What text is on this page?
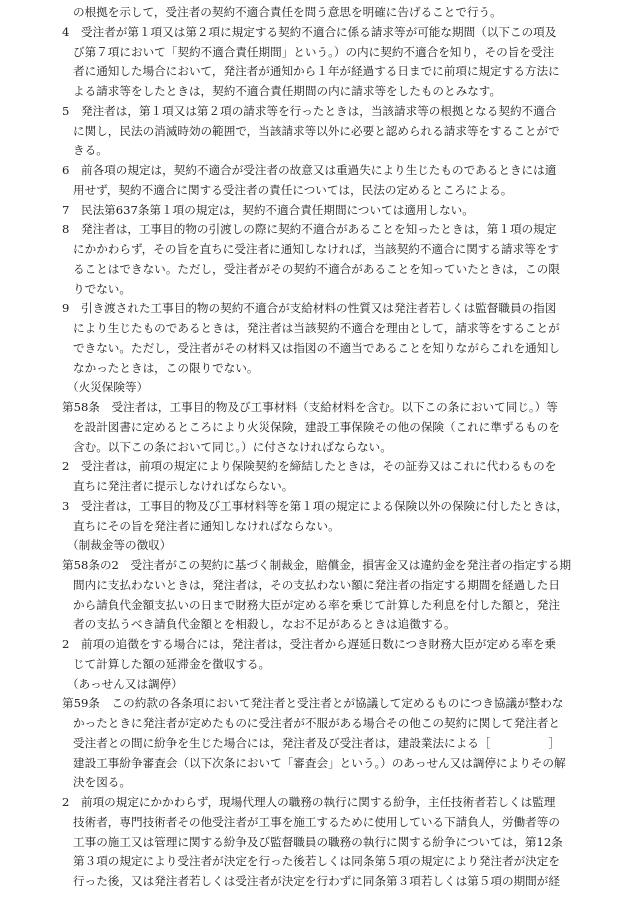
の根拠を示して，受注者の契約不適合責任を問う意思を明確に告げることで行う。
4　受注者が第１項又は第２項に規定する契約不適合に係る請求等が可能な期間（以下この項及
び第７項において「契約不適合責任期間」という。）の内に契約不適合を知り，その旨を受注
者に通知した場合において，発注者が通知から１年が経過する日までに前項に規定する方法に
よる請求等をしたときは，契約不適合責任期間の内に請求等をしたものとみなす。
5　発注者は，第１項又は第２項の請求等を行ったときは，当該請求等の根拠となる契約不適合
に関し，民法の消滅時効の範囲で，当該請求等以外に必要と認められる請求等をすることがで
きる。
6　前各項の規定は，契約不適合が受注者の故意又は重過失により生じたものであるときには適
用せず，契約不適合に関する受注者の責任については，民法の定めるところによる。
7　民法第637条第１項の規定は，契約不適合責任期間については適用しない。
8　発注者は，工事目的物の引渡しの際に契約不適合があることを知ったときは，第１項の規定
にかかわらず，その旨を直ちに受注者に通知しなければ，当該契約不適合に関する請求等をす
ることはできない。ただし，受注者がその契約不適合があることを知っていたときは，この限
りでない。
9　引き渡された工事目的物の契約不適合が支給材料の性質又は発注者若しくは監督職員の指図
により生じたものであるときは，発注者は当該契約不適合を理由として，請求等をすることが
できない。ただし，受注者がその材料又は指図の不適当であることを知りながらこれを通知し
なかったときは，この限りでない。
（火災保険等）
第58条　受注者は，工事目的物及び工事材料（支給材料を含む。以下この条において同じ。）等
を設計図書に定めるところにより火災保険，建設工事保険その他の保険（これに準ずるものを
含む。以下この条において同じ。）に付さなければならない。
2　受注者は，前項の規定により保険契約を締結したときは，その証券又はこれに代わるものを
直ちに発注者に提示しなければならない。
3　受注者は，工事目的物及び工事材料等を第１項の規定による保険以外の保険に付したときは，
直ちにその旨を発注者に通知しなければならない。
（制裁金等の徴収）
第58条の2　受注者がこの契約に基づく制裁金，賠償金，損害金又は違約金を発注者の指定する期
間内に支払わないときは，発注者は，その支払わない額に発注者の指定する期間を経過した日
から請負代金額支払いの日まで財務大臣が定める率を乗じて計算した利息を付した額と，発注
者の支払うべき請負代金額とを相殺し，なお不足があるときは追徴する。
2　前項の追徴をする場合には，発注者は，受注者から遅延日数につき財務大臣が定める率を乗
じて計算した額の延滞金を徴収する。
（あっせん又は調停）
第59条　この約款の各条項において発注者と受注者とが協議して定めるものにつき協議が整わな
かったときに発注者が定めたものに受注者が不服がある場合その他この契約に関して発注者と
受注者との間に紛争を生じた場合には，発注者及び受注者は，建設業法による［　　　　　］
建設工事紛争審査会（以下次条において「審査会」という。）のあっせん又は調停によりその解
決を図る。
2　前項の規定にかかわらず，現場代理人の職務の執行に関する紛争，主任技術者若しくは監理
技術者，専門技術者その他受注者が工事を施工するために使用している下請負人，労働者等の
工事の施工又は管理に関する紛争及び監督職員の職務の執行に関する紛争については，第12条
第３項の規定により受注者が決定を行った後若しくは同条第５項の規定により発注者が決定を
行った後，又は発注者若しくは受注者が決定を行わずに同条第３項若しくは第５項の期間が経
